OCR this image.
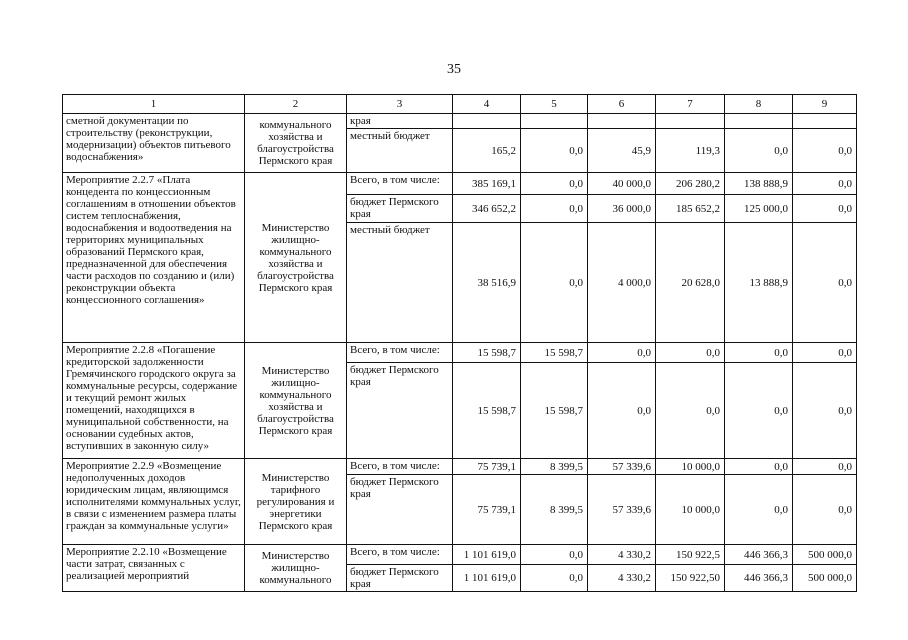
35
1	2	3	4	5	6	7	8	9
сметной документации по строительству (реконструкции, модернизации) объектов питьевого водоснабжения»	коммунального хозяйства и благоустройства Пермского края	края						
		местный бюджет	165,2	0,0	45,9	119,3	0,0	0,0
Мероприятие 2.2.7 «Плата концедента по концессионным соглашениям в отношении объектов систем теплоснабжения, водоснабжения и водоотведения на территориях муниципальных образований Пермского края, предназначенной для обеспечения части расходов по созданию и (или) реконструкции объекта концессионного соглашения»	Министерство жилищно-коммунального хозяйства и благоустройства Пермского края	Всего, в том числе:	385 169,1	0,0	40 000,0	206 280,2	138 888,9	0,0
		бюджет Пермского края	346 652,2	0,0	36 000,0	185 652,2	125 000,0	0,0
		местный бюджет	38 516,9	0,0	4 000,0	20 628,0	13 888,9	0,0
Мероприятие 2.2.8 «Погашение кредиторской задолженности Гремячинского городского округа за коммунальные ресурсы, содержание и текущий ремонт жилых помещений, находящихся в муниципальной собственности, на основании судебных актов, вступивших в законную силу»	Министерство жилищно-коммунального хозяйства и благоустройства Пермского края	Всего, в том числе:	15 598,7	15 598,7	0,0	0,0	0,0	0,0
		бюджет Пермского края	15 598,7	15 598,7	0,0	0,0	0,0	0,0
Мероприятие 2.2.9 «Возмещение недополученных доходов юридическим лицам, являющимся исполнителями коммунальных услуг, в связи с изменением размера платы граждан за коммунальные услуги»	Министерство тарифного регулирования и энергетики Пермского края	Всего, в том числе:	75 739,1	8 399,5	57 339,6	10 000,0	0,0	0,0
		бюджет Пермского края	75 739,1	8 399,5	57 339,6	10 000,0	0,0	0,0
Мероприятие 2.2.10 «Возмещение части затрат, связанных с реализацией мероприятий	Министерство жилищно-коммунального	Всего, в том числе:	1 101 619,0	0,0	4 330,2	150 922,5	446 366,3	500 000,0
		бюджет Пермского края	1 101 619,0	0,0	4 330,2	150 922,50	446 366,3	500 000,0
